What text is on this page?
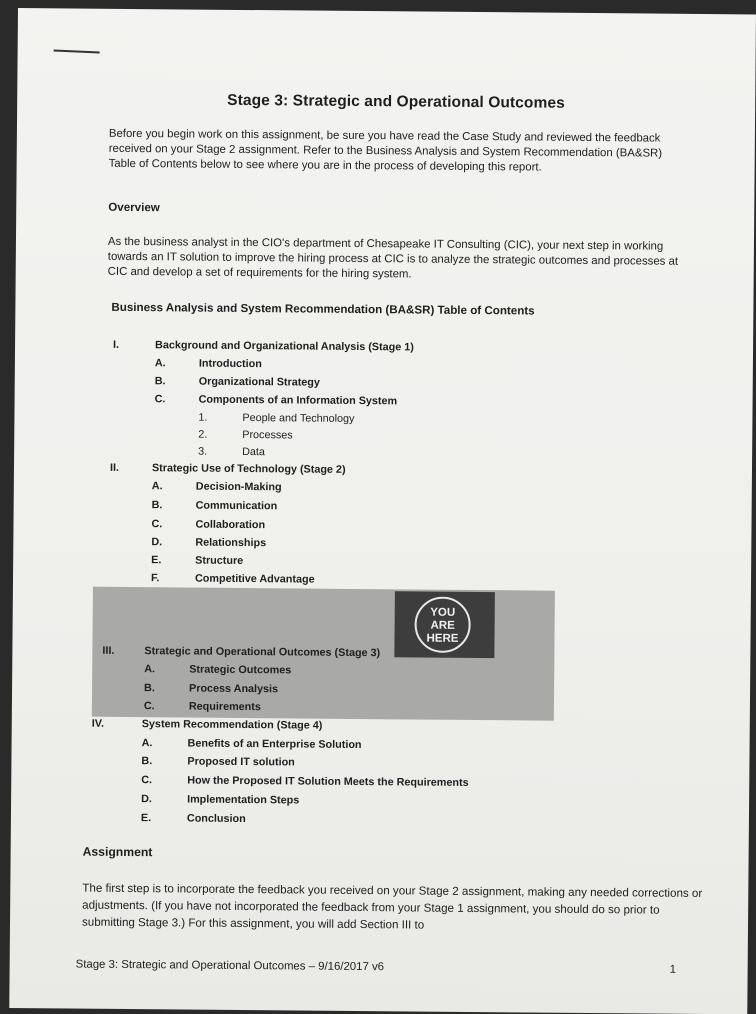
Stage 3: Strategic and Operational Outcomes
Before you begin work on this assignment, be sure you have read the Case Study and reviewed the feedback received on your Stage 2 assignment. Refer to the Business Analysis and System Recommendation (BA&SR) Table of Contents below to see where you are in the process of developing this report.
Overview
As the business analyst in the CIO's department of Chesapeake IT Consulting (CIC), your next step in working towards an IT solution to improve the hiring process at CIC is to analyze the strategic outcomes and processes at CIC and develop a set of requirements for the hiring system.
Business Analysis and System Recommendation (BA&SR) Table of Contents
YOU
ARE
HERE
I.	Background and Organizational Analysis (Stage 1)
A.	Introduction
B.	Organizational Strategy
C.	Components of an Information System
1.	People and Technology
2.	Processes
3.	Data
II.	Strategic Use of Technology (Stage 2)
A.	Decision-Making
B.	Communication
C.	Collaboration
D.	Relationships
E.	Structure
F.	Competitive Advantage
III.	Strategic and Operational Outcomes (Stage 3)
A.	Strategic Outcomes
B.	Process Analysis
C.	Requirements
IV.	System Recommendation (Stage 4)
A.	Benefits of an Enterprise Solution
B.	Proposed IT solution
C.	How the Proposed IT Solution Meets the Requirements
D.	Implementation Steps
E.	Conclusion
Assignment
The first step is to incorporate the feedback you received on your Stage 2 assignment, making any needed corrections or adjustments. (If you have not incorporated the feedback from your Stage 1 assignment, you should do so prior to submitting Stage 3.) For this assignment, you will add Section III to
Stage 3: Strategic and Operational Outcomes – 9/16/2017 v6	1
